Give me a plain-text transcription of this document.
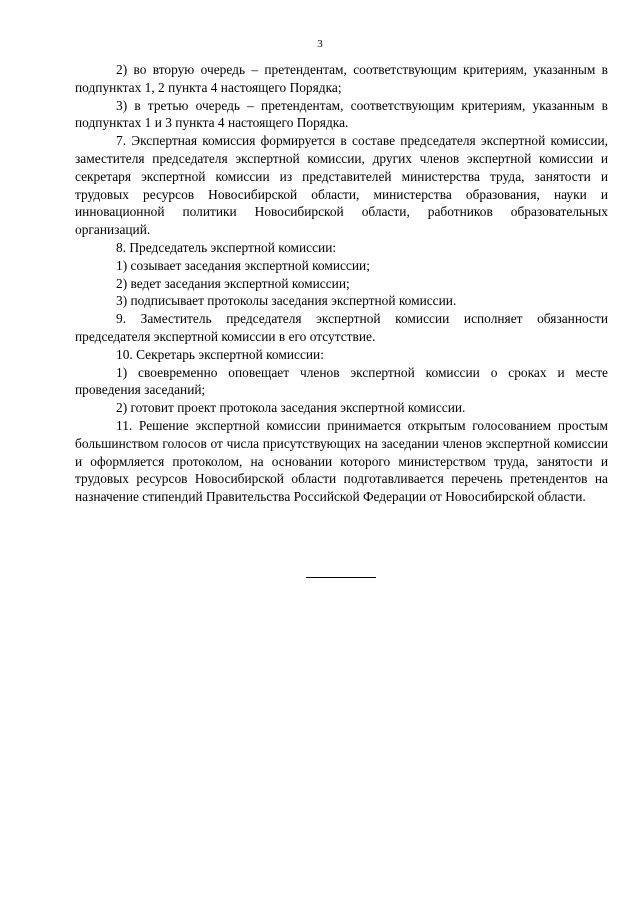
3

2) во вторую очередь – претендентам, соответствующим критериям, указанным в подпунктах 1, 2 пункта 4 настоящего Порядка;

3) в третью очередь – претендентам, соответствующим критериям, указанным в подпунктах 1 и 3 пункта 4 настоящего Порядка.

7. Экспертная комиссия формируется в составе председателя экспертной комиссии, заместителя председателя экспертной комиссии, других членов экспертной комиссии и секретаря экспертной комиссии из представителей министерства труда, занятости и трудовых ресурсов Новосибирской области, министерства образования, науки и инновационной политики Новосибирской области, работников образовательных организаций.

8. Председатель экспертной комиссии:

1) созывает заседания экспертной комиссии;

2) ведет заседания экспертной комиссии;

3) подписывает протоколы заседания экспертной комиссии.

9. Заместитель председателя экспертной комиссии исполняет обязанности председателя экспертной комиссии в его отсутствие.

10. Секретарь экспертной комиссии:

1) своевременно оповещает членов экспертной комиссии о сроках и месте проведения заседаний;

2) готовит проект протокола заседания экспертной комиссии.

11. Решение экспертной комиссии принимается открытым голосованием простым большинством голосов от числа присутствующих на заседании членов экспертной комиссии и оформляется протоколом, на основании которого министерством труда, занятости и трудовых ресурсов Новосибирской области подготавливается перечень претендентов на назначение стипендий Правительства Российской Федерации от Новосибирской области.
